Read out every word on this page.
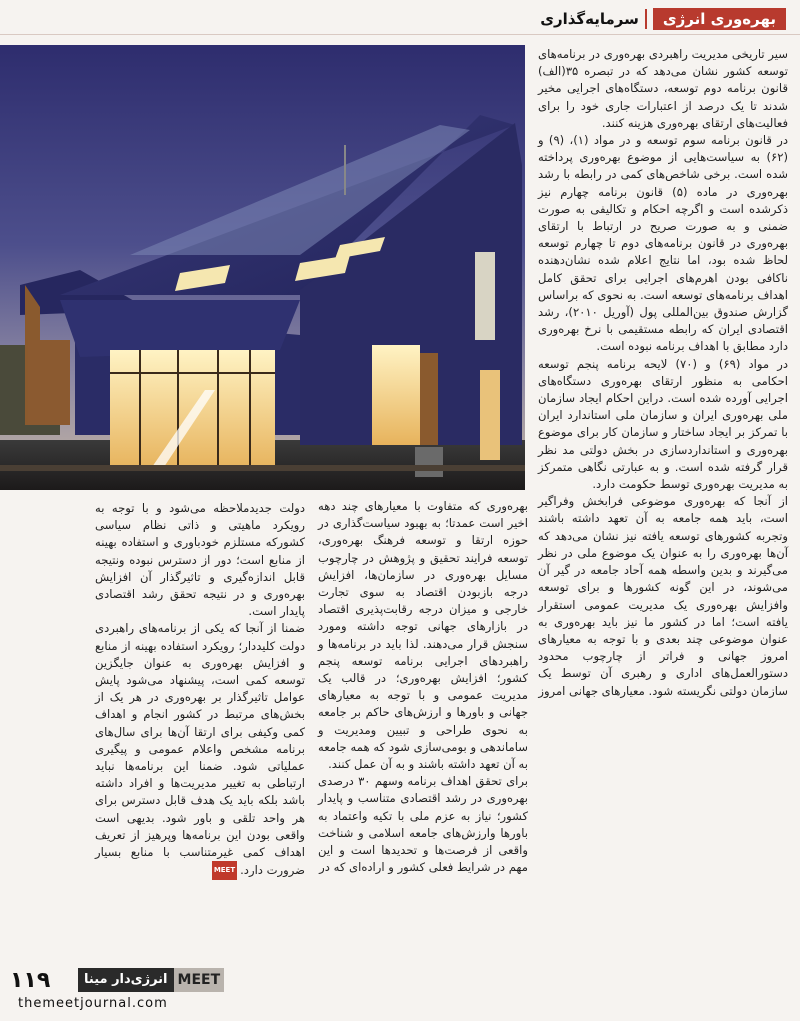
بهره‌وری انرژی
سرمایه‌گذاری

سیر تاریخی مدیریت راهبردی بهره‌وری در برنامه‌های توسعه کشور نشان می‌دهد که در تبصره ۳۵(الف) قانون برنامه دوم توسعه، دستگاه‌های اجرایی مخیر شدند تا یک درصد از اعتبارات جاری خود را برای فعالیت‌های ارتقای بهره‌وری هزینه کنند.

در قانون برنامه سوم توسعه و در مواد (۱)، (۹) و (۶۲) به سیاست‌هایی از موضوع بهره‌وری پرداخته شده است. برخی شاخص‌های کمی در رابطه با رشد بهره‌وری در ماده (۵) قانون برنامه چهارم نیز ذکرشده است و اگرچه احکام و تکالیفی به صورت ضمنی و به صورت صریح در ارتباط با ارتقای بهره‌وری در قانون برنامه‌های دوم تا چهارم توسعه لحاظ شده بود، اما نتایج اعلام شده نشان‌دهنده ناکافی بودن اهرم‌های اجرایی برای تحقق کامل اهداف برنامه‌های توسعه است. به نحوی که براساس گزارش صندوق بین‌المللی پول (آوریل ۲۰۱۰)، رشد اقتصادی ایران که رابطه مستقیمی با نرخ بهره‌وری دارد مطابق با اهداف برنامه نبوده است.

در مواد (۶۹) و (۷۰) لایحه برنامه پنجم توسعه احکامی به منظور ارتقای بهره‌وری دستگاه‌های اجرایی آورده شده است. دراین احکام ایجاد سازمان ملی بهره‌وری ایران و سازمان ملی استاندارد ایران با تمرکز بر ایجاد ساختار و سازمان کار برای موضوع بهره‌وری و استانداردسازی در بخش دولتی مد نظر قرار گرفته شده است. و به عبارتی نگاهی متمرکز به مدیریت بهره‌وری توسط حکومت دارد.

از آنجا که بهره‌وری موضوعی فرابخش وفراگیر است، باید همه جامعه به آن تعهد داشته باشند وتجربه کشورهای توسعه یافته نیز نشان می‌دهد که آن‌ها بهره‌وری را به عنوان یک موضوع ملی در نظر می‌گیرند و بدین واسطه همه آحاد جامعه در گیر آن می‌شوند، در این گونه کشورها و برای توسعه وافزایش بهره‌وری یک مدیریت عمومی استقرار یافته است؛ اما در کشور ما نیز باید بهره‌وری به عنوان موضوعی چند بعدی و با توجه به معیارهای امروز جهانی و فراتر از چارچوب محدود دستورالعمل‌های اداری و رهبری آن توسط یک سازمان دولتی نگریسته شود. معیارهای جهانی امروز

بهره‌وری که متفاوت با معیارهای چند دهه اخیر است عمدتا؛ به بهبود سیاست‌گذاری در حوزه ارتقا و توسعه فرهنگ بهره‌وری، توسعه فرایند تحقیق و پژوهش در چارچوب مسایل بهره‌وری در سازمان‌ها، افزایش درجه بازبودن اقتصاد به سوی تجارت خارجی و میزان درجه رقابت‌پذیری اقتصاد در بازارهای جهانی توجه داشته ومورد سنجش قرار می‌دهند. لذا باید در برنامه‌ها و راهبردهای اجرایی برنامه توسعه پنجم کشور؛ افزایش بهره‌وری؛ در قالب یک مدیریت عمومی و با توجه به معیارهای جهانی و باورها و ارزش‌های حاکم بر جامعه به نحوی طراحی و تبیین ومدیریت و ساماندهی و بومی‌سازی شود که همه جامعه به آن تعهد داشته باشند و به آن عمل کنند.

برای تحقق اهداف برنامه وسهم ۳۰ درصدی بهره‌وری در رشد اقتصادی متناسب و پایدار کشور؛ نیاز به عزم ملی با تکیه واعتماد به باورها وارزش‌های جامعه اسلامی و شناخت واقعی از فرصت‌ها و تحدیدها است و این مهم در شرایط فعلی کشور و اراده‌ای که در

دولت جدیدملاحظه می‌شود و با توجه به رویکرد ماهیتی و ذاتی نظام سیاسی کشورکه مستلزم خودباوری و استفاده بهینه از منابع است؛ دور از دسترس نبوده ونتیجه قابل اندازه‌گیری و تاثیرگذار آن افزایش بهره‌وری و در نتیجه تحقق رشد اقتصادی پایدار است.

ضمنا از آنجا که یکی از برنامه‌های راهبردی دولت کلیددار؛ رویکرد استفاده بهینه از منابع و افزایش بهره‌وری به عنوان جایگزین توسعه کمی است، پیشنهاد می‌شود پایش عوامل تاثیرگذار بر بهره‌وری در هر یک از بخش‌های مرتبط در کشور انجام و اهداف کمی وکیفی برای ارتقا آن‌ها برای سال‌های برنامه مشخص واعلام عمومی و پیگیری عملیاتی شود. ضمنا این برنامه‌ها نباید ارتباطی به تغییر مدیریت‌ها و افراد داشته باشد بلکه باید یک هدف قابل دسترس برای هر واحد تلقی و باور شود. بدیهی است واقعی بودن این برنامه‌ها وپرهیز از تعریف اهداف کمی غیرمتناسب با منابع بسیار ضرورت دارد.MEET

۱۱۹	انرژی‌دار مینا MEET
themeetjournal.com
